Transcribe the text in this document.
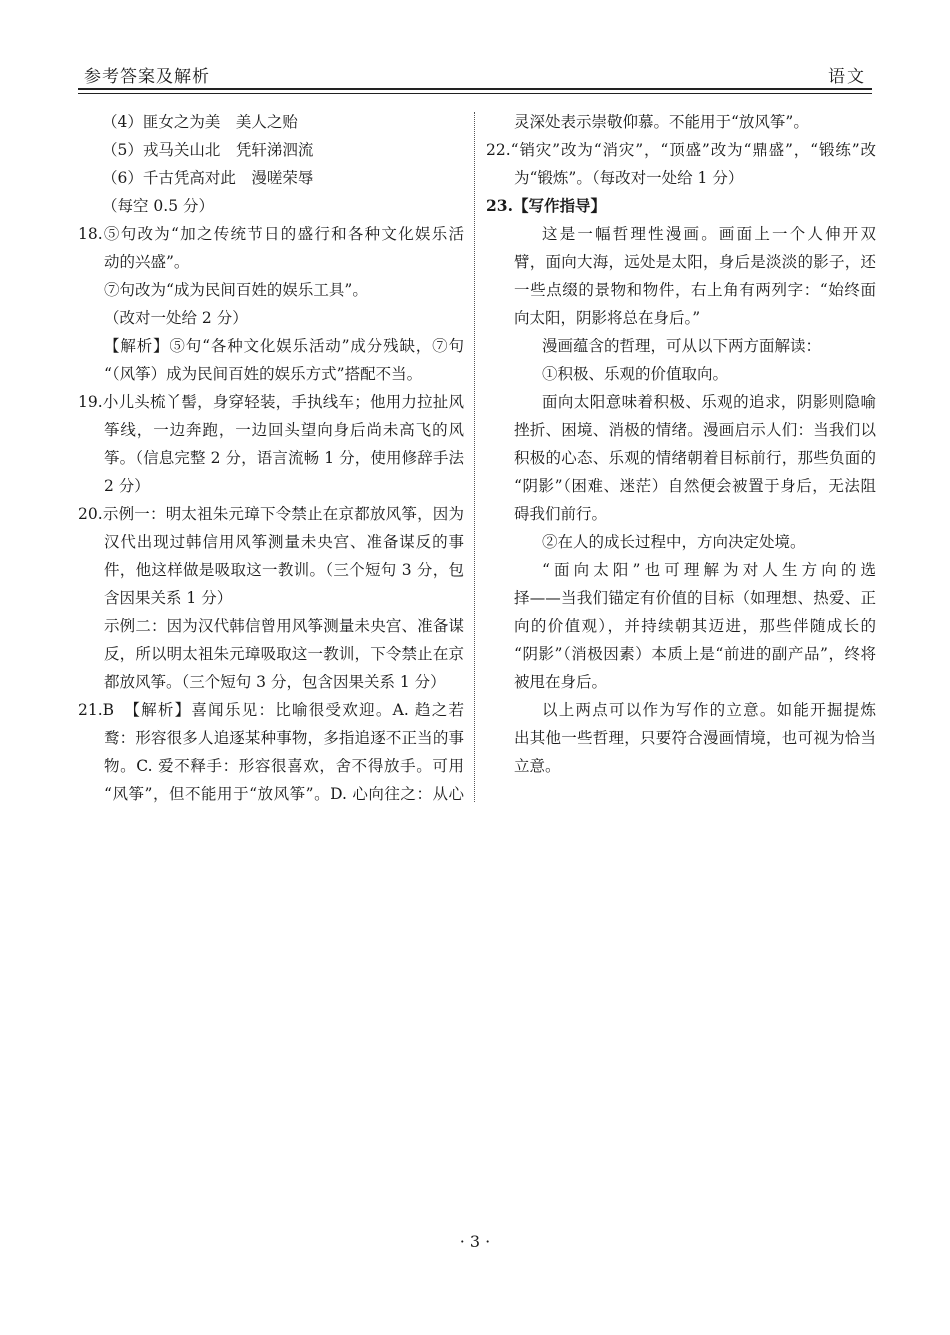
参考答案及解析	语文
（4）匪女之为美　美人之贻
（5）戎马关山北　凭轩涕泗流
（6）千古凭高对此　漫嗟荣辱
（每空 0.5 分）
18.⑤句改为“加之传统节日的盛行和各种文化娱乐活
动的兴盛”。
⑦句改为“成为民间百姓的娱乐工具”。
（改对一处给 2 分）
【解析】⑤句“各种文化娱乐活动”成分残缺，⑦句
“（风筝）成为民间百姓的娱乐方式”搭配不当。
19.小儿头梳丫髻，身穿轻装，手执线车；他用力拉扯风
筝线，一边奔跑，一边回头望向身后尚未高飞的风
筝。（信息完整 2 分，语言流畅 1 分，使用修辞手法
2 分）
20.示例一：明太祖朱元璋下令禁止在京都放风筝，因为
汉代出现过韩信用风筝测量未央宫、准备谋反的事
件，他这样做是吸取这一教训。（三个短句 3 分，包
含因果关系 1 分）
示例二：因为汉代韩信曾用风筝测量未央宫、准备谋
反，所以明太祖朱元璋吸取这一教训，下令禁止在京
都放风筝。（三个短句 3 分，包含因果关系 1 分）
21.B　【解析】喜闻乐见：比喻很受欢迎。A. 趋之若
鹜：形容很多人追逐某种事物，多指追逐不正当的事
物。C. 爱不释手：形容很喜欢，舍不得放手。可用
“风筝”，但不能用于“放风筝”。D. 心向往之：从心
灵深处表示崇敬仰慕。不能用于“放风筝”。
22.“销灾”改为“消灾”，“顶盛”改为“鼎盛”，“锻练”改
为“锻炼”。（每改对一处给 1 分）
23.【写作指导】
这是一幅哲理性漫画。画面上一个人伸开双
臂，面向大海，远处是太阳，身后是淡淡的影子，还
一些点缀的景物和物件，右上角有两列字：“始终面
向太阳，阴影将总在身后。”
漫画蕴含的哲理，可从以下两方面解读：
①积极、乐观的价值取向。
面向太阳意味着积极、乐观的追求，阴影则隐喻
挫折、困境、消极的情绪。漫画启示人们：当我们以
积极的心态、乐观的情绪朝着目标前行，那些负面的
“阴影”（困难、迷茫）自然便会被置于身后，无法阻
碍我们前行。
②在人的成长过程中，方向决定处境。
“面向太阳”也可理解为对人生方向的选
择——当我们锚定有价值的目标（如理想、热爱、正
向的价值观），并持续朝其迈进，那些伴随成长的
“阴影”（消极因素）本质上是“前进的副产品”，终将
被甩在身后。
以上两点可以作为写作的立意。如能开掘提炼
出其他一些哲理，只要符合漫画情境，也可视为恰当
立意。
· 3 ·
